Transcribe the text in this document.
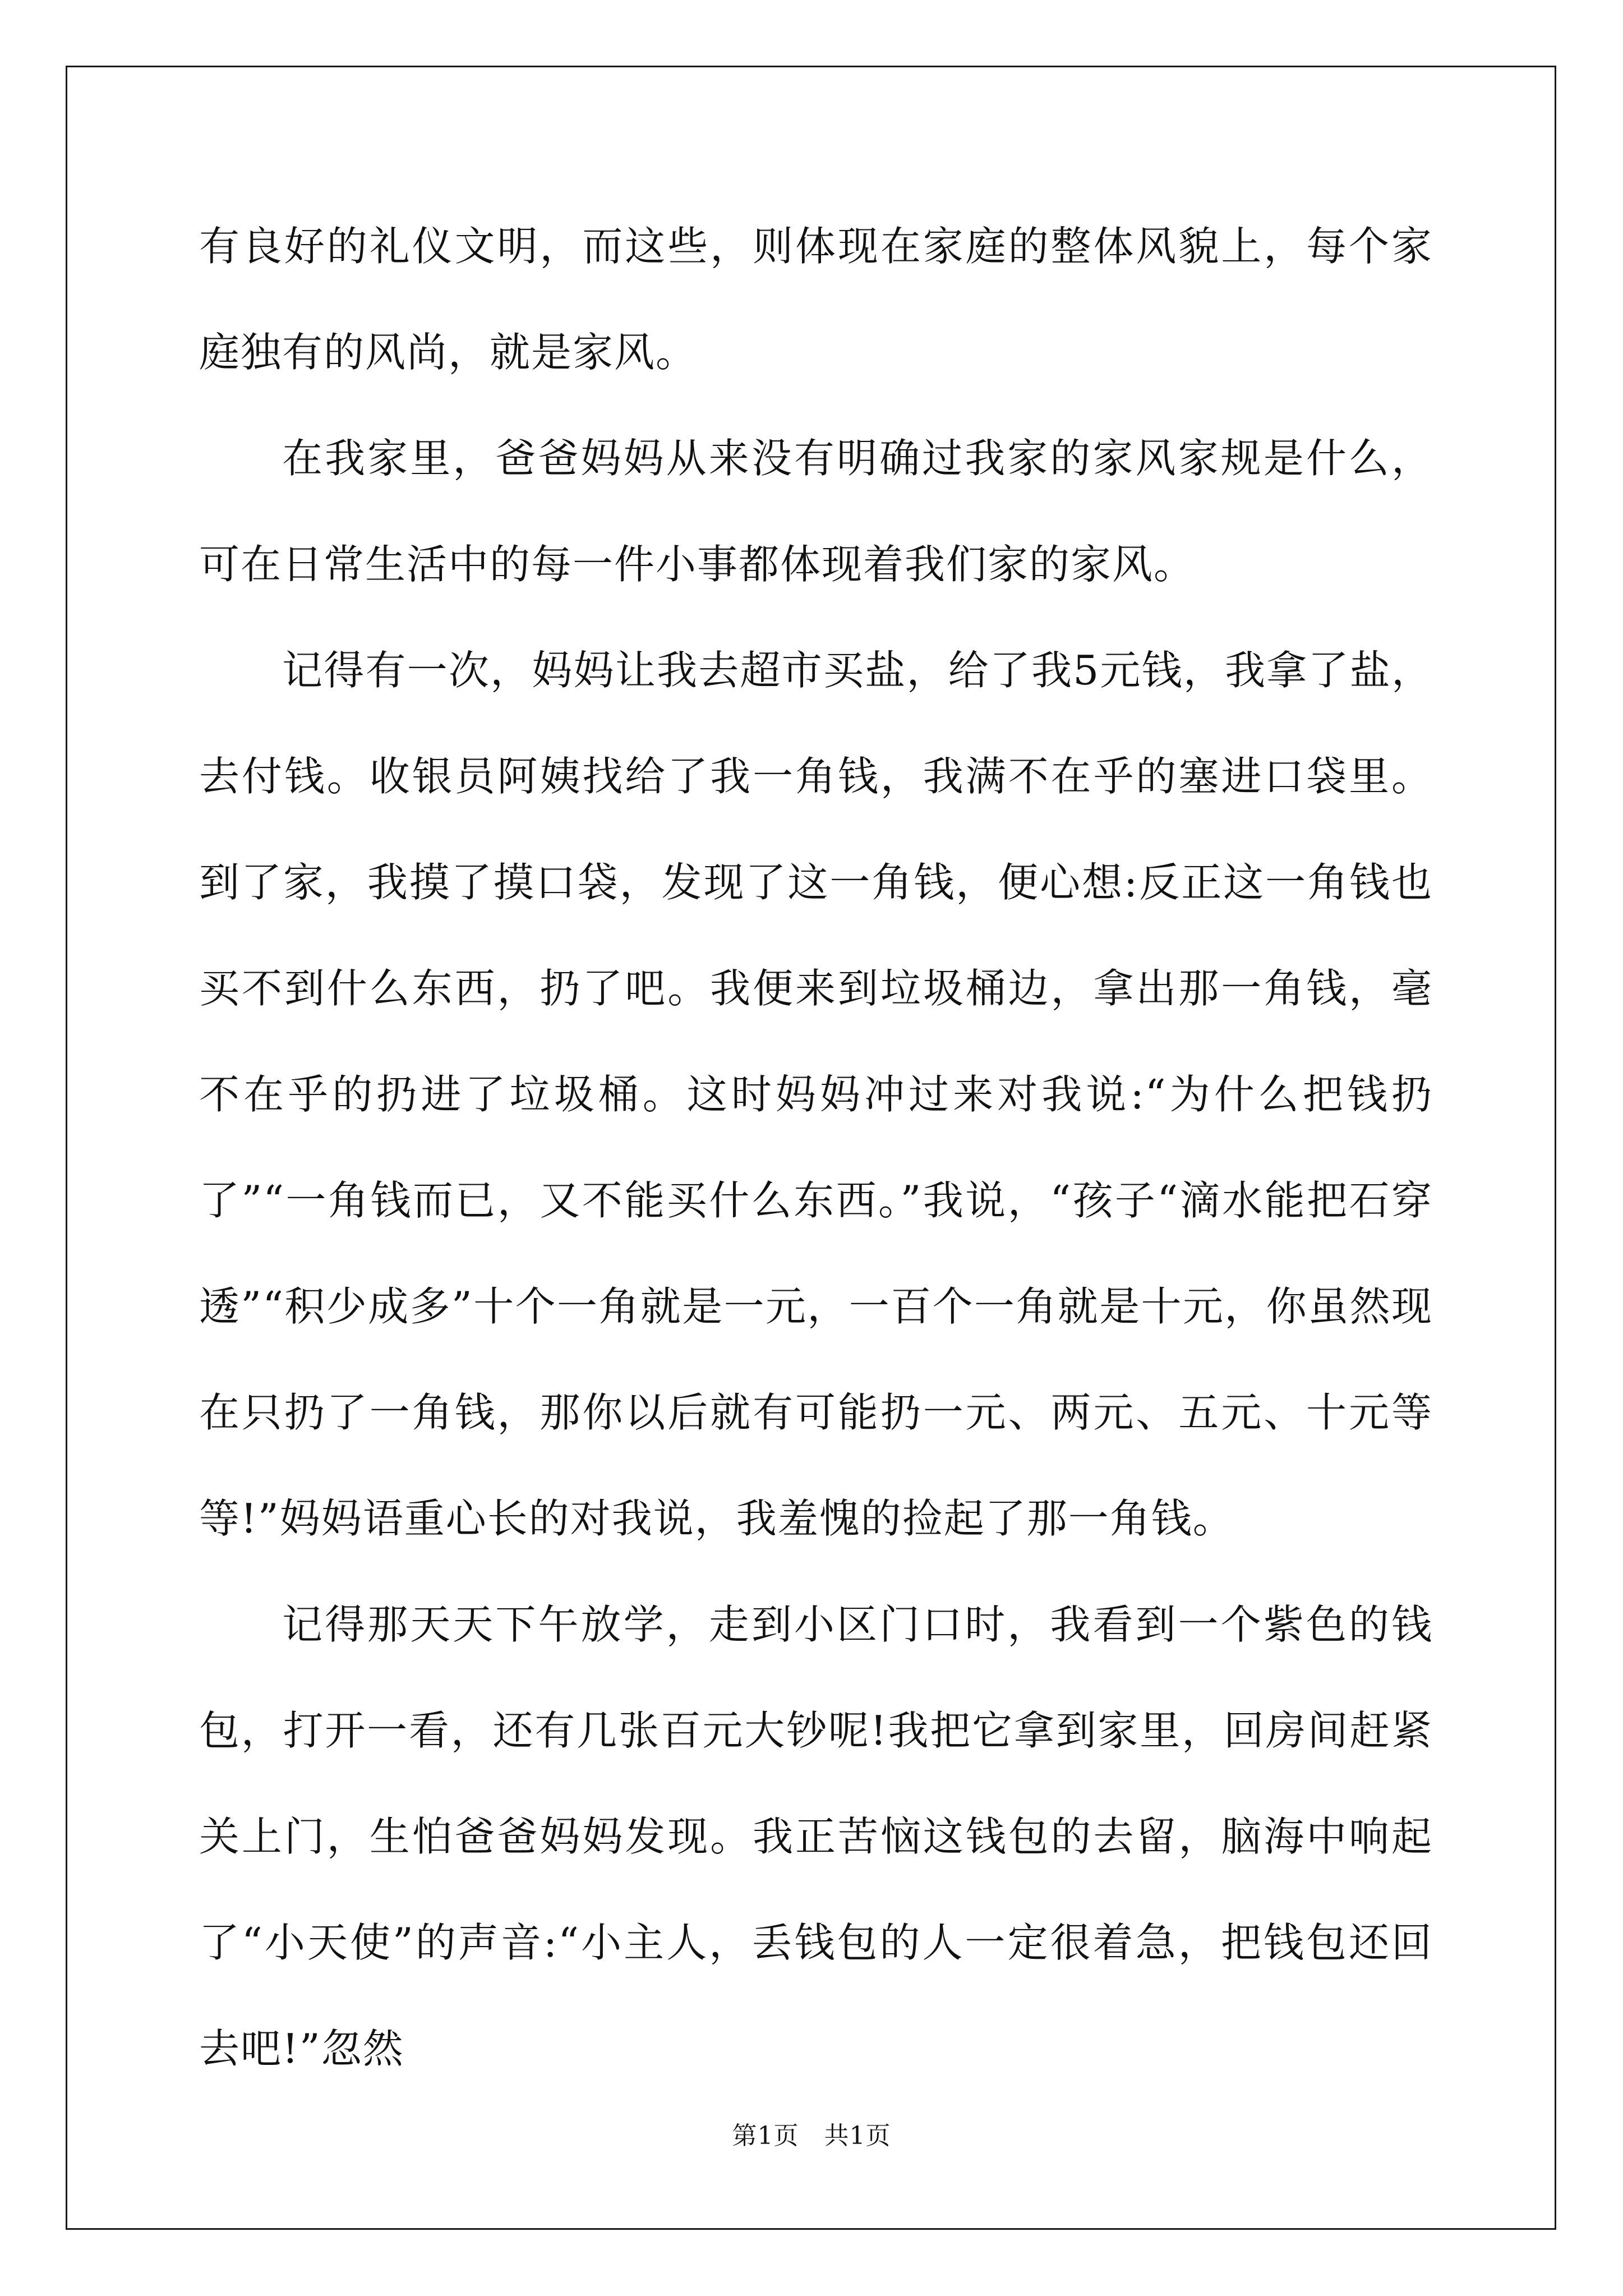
有良好的礼仪文明，而这些，则体现在家庭的整体风貌上，每个家庭独有的风尚，就是家风。

在我家里，爸爸妈妈从来没有明确过我家的家风家规是什么，可在日常生活中的每一件小事都体现着我们家的家风。

记得有一次，妈妈让我去超市买盐，给了我5元钱，我拿了盐，去付钱。收银员阿姨找给了我一角钱，我满不在乎的塞进口袋里。到了家，我摸了摸口袋，发现了这一角钱，便心想:反正这一角钱也买不到什么东西，扔了吧。我便来到垃圾桶边，拿出那一角钱，毫不在乎的扔进了垃圾桶。这时妈妈冲过来对我说:“为什么把钱扔了”“一角钱而已，又不能买什么东西。”我说，“孩子“滴水能把石穿透”“积少成多”十个一角就是一元，一百个一角就是十元，你虽然现在只扔了一角钱，那你以后就有可能扔一元、两元、五元、十元等等!”妈妈语重心长的对我说，我羞愧的捡起了那一角钱。

记得那天天下午放学，走到小区门口时，我看到一个紫色的钱包，打开一看，还有几张百元大钞呢!我把它拿到家里，回房间赶紧关上门，生怕爸爸妈妈发现。我正苦恼这钱包的去留，脑海中响起了“小天使”的声音:“小主人，丢钱包的人一定很着急，把钱包还回去吧!”忽然

第1页　共1页
